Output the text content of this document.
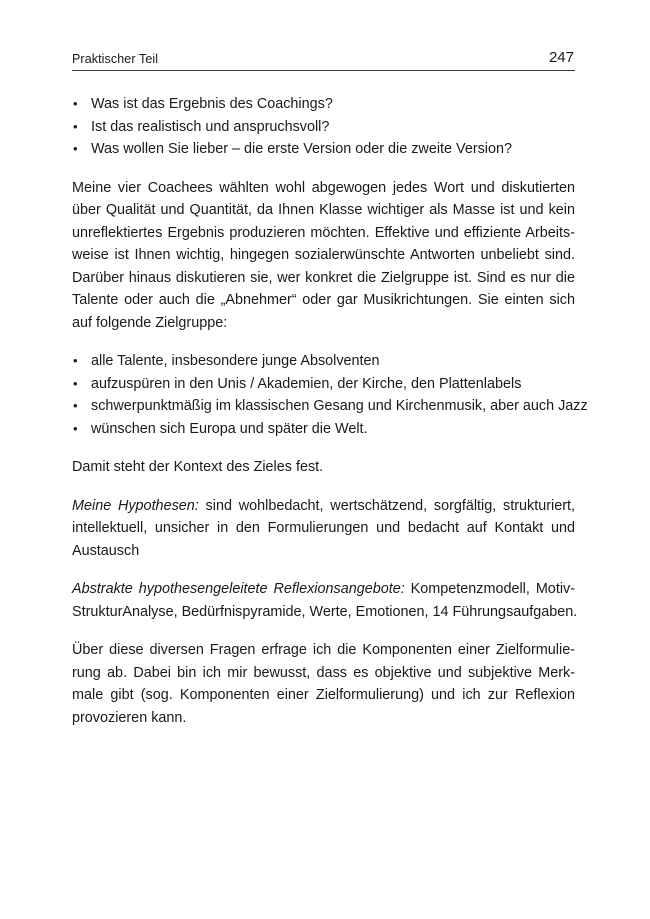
Praktischer Teil	247
• Was ist das Ergebnis des Coachings?
• Ist das realistisch und anspruchsvoll?
• Was wollen Sie lieber – die erste Version oder die zweite Version?

Meine vier Coachees wählten wohl abgewogen jedes Wort und diskutierten
über Qualität und Quantität, da Ihnen Klasse wichtiger als Masse ist und kein
unreflektiertes Ergebnis produzieren möchten. Effektive und effiziente Arbeits-
weise ist Ihnen wichtig, hingegen sozialerwünschte Antworten unbeliebt sind.
Darüber hinaus diskutieren sie, wer konkret die Zielgruppe ist. Sind es nur die
Talente oder auch die „Abnehmer“ oder gar Musikrichtungen. Sie einten sich
auf folgende Zielgruppe:

• alle Talente, insbesondere junge Absolventen
• aufzuspüren in den Unis / Akademien, der Kirche, den Plattenlabels
• schwerpunktmäßig im klassischen Gesang und Kirchenmusik, aber auch Jazz
• wünschen sich Europa und später die Welt.

Damit steht der Kontext des Zieles fest.

Meine Hypothesen: sind wohlbedacht, wertschätzend, sorgfältig, strukturiert,
intellektuell, unsicher in den Formulierungen und bedacht auf Kontakt und
Austausch

Abstrakte hypothesengeleitete Reflexionsangebote: Kompetenzmodell, Motiv-
StrukturAnalyse, Bedürfnispyramide, Werte, Emotionen, 14 Führungsaufgaben.

Über diese diversen Fragen erfrage ich die Komponenten einer Zielformulie-
rung ab. Dabei bin ich mir bewusst, dass es objektive und subjektive Merk-
male gibt (sog. Komponenten einer Zielformulierung) und ich zur Reflexion
provozieren kann.
